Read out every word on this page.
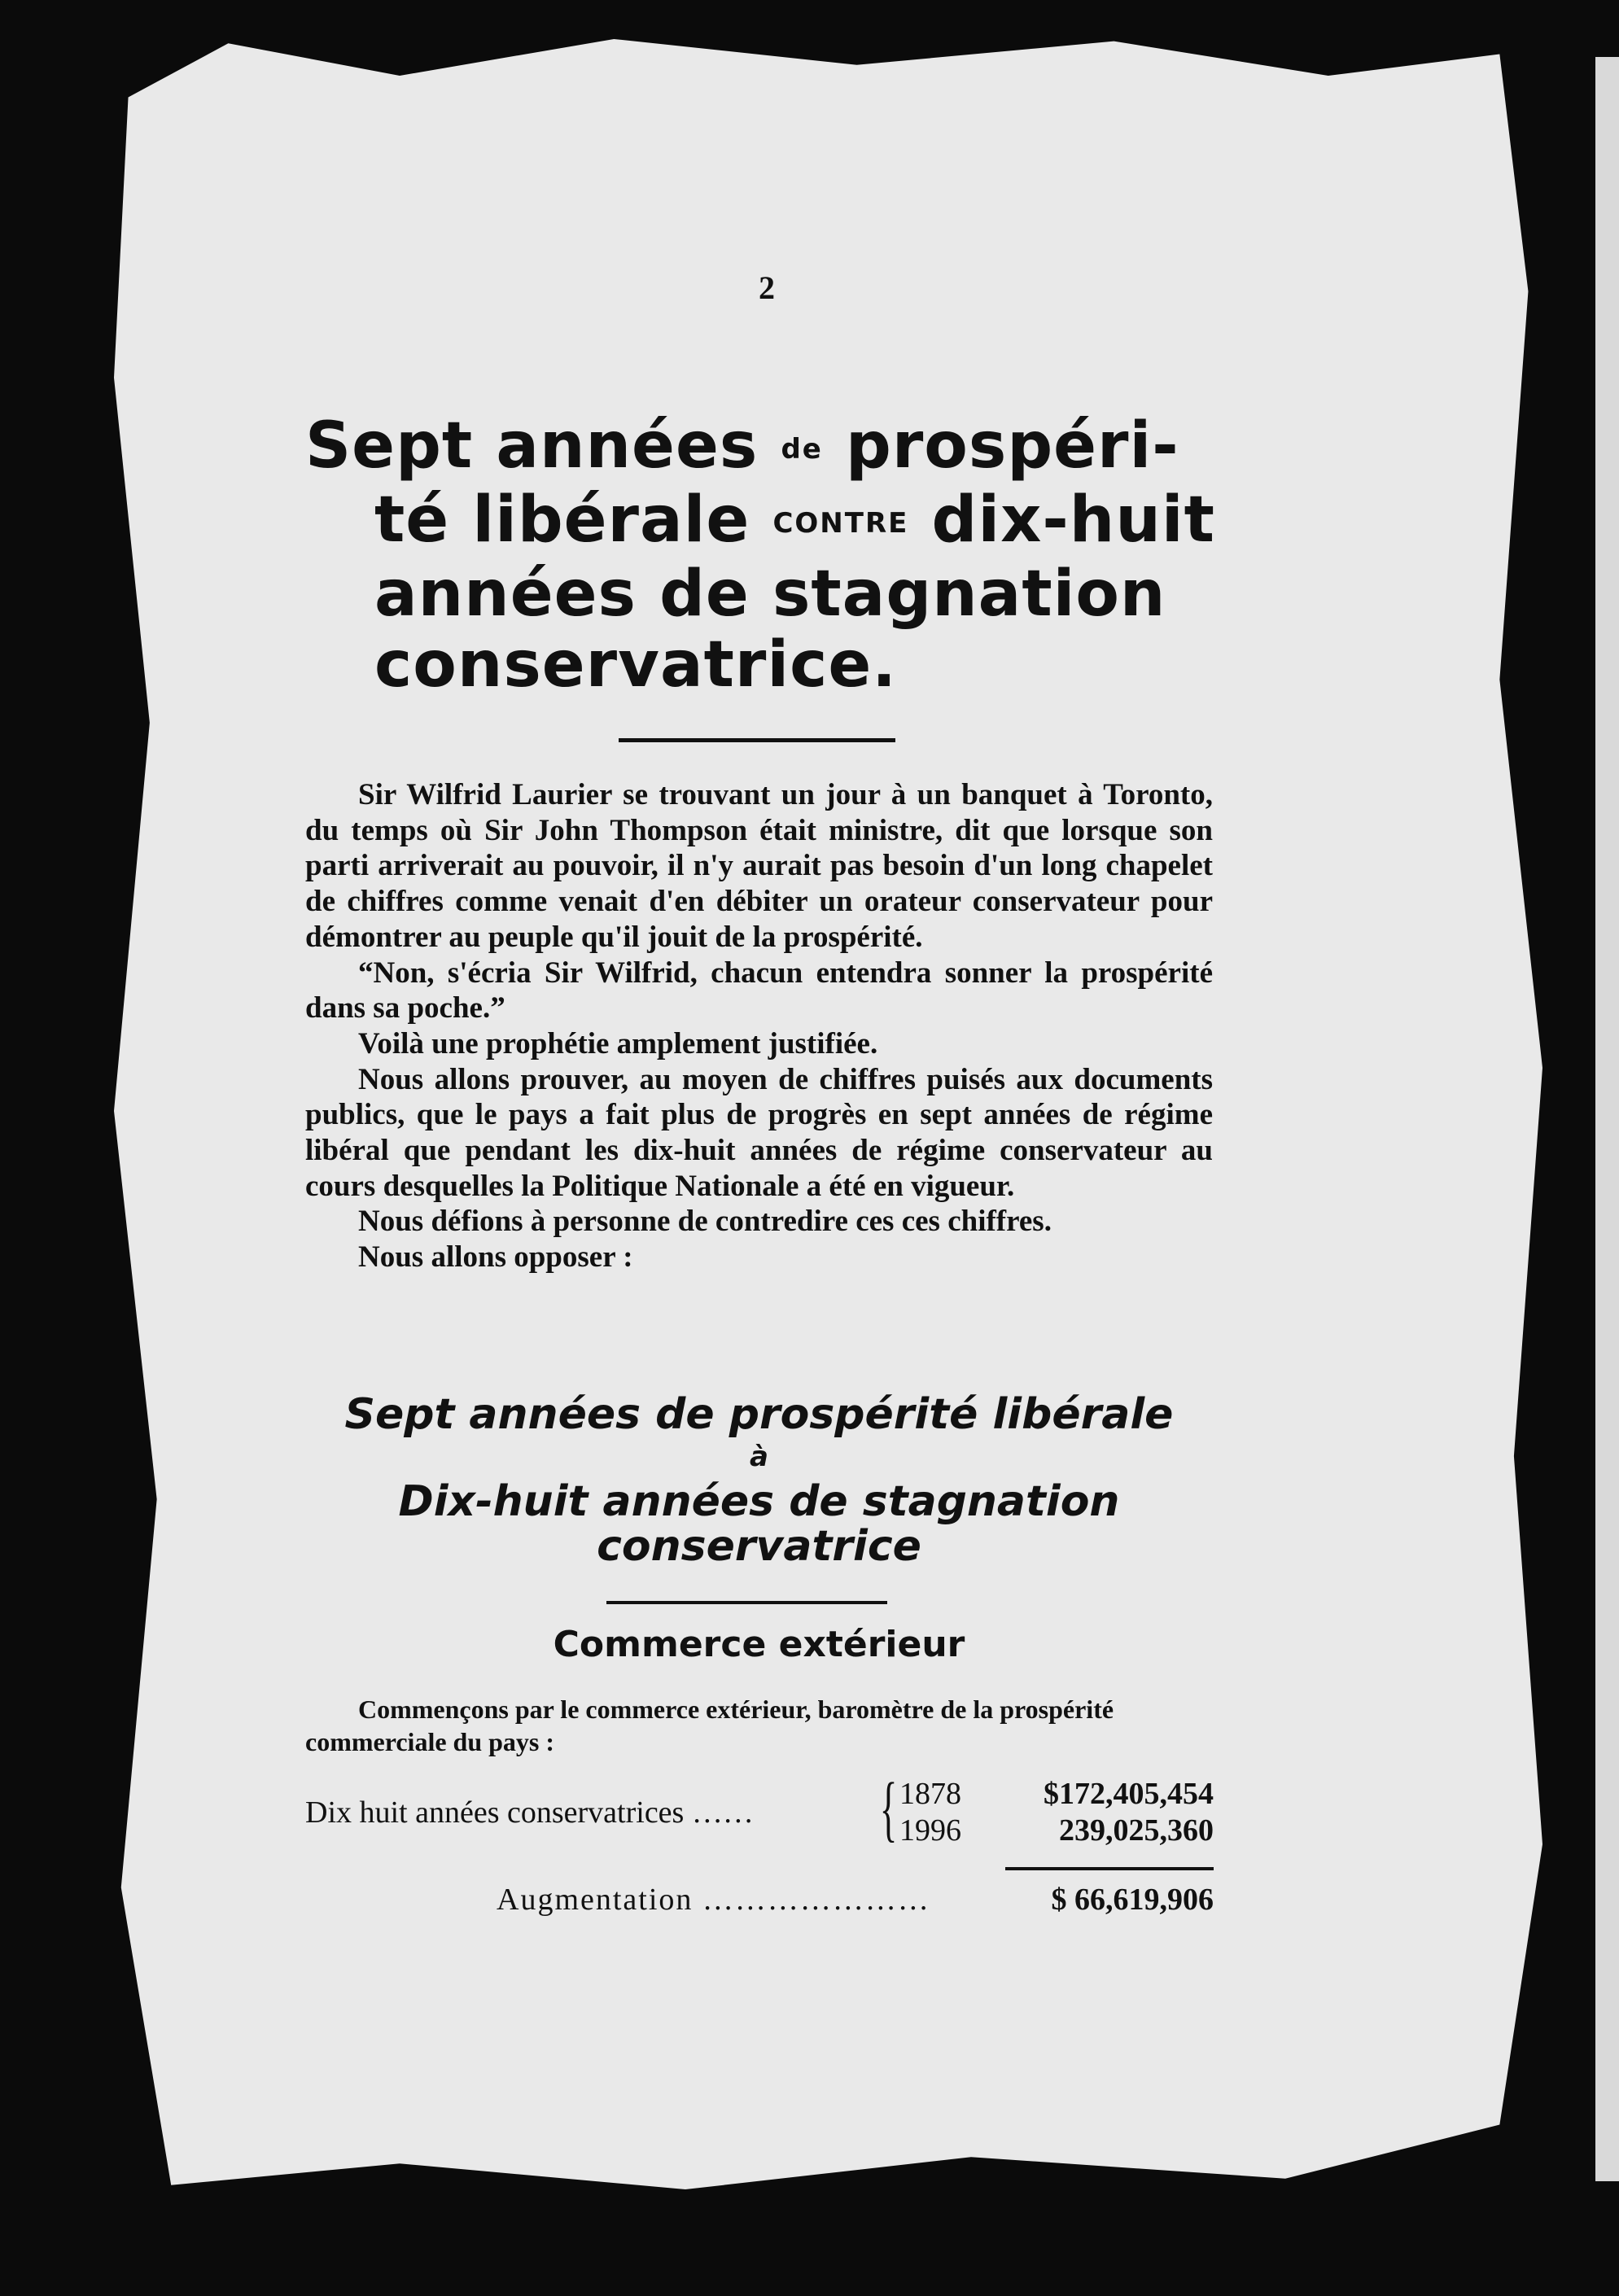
2
Sept années de prospéri-
té libérale CONTRE dix-huit
années de stagnation
conservatrice.

Sir Wilfrid Laurier se trouvant un jour à un banquet à Toronto, du temps où Sir John Thompson était ministre, dit que lorsque son parti arriverait au pouvoir, il n'y aurait pas besoin d'un long chapelet de chiffres comme venait d'en débiter un orateur conservateur pour démontrer au peuple qu'il jouit de la prospérité.

“Non, s'écria Sir Wilfrid, chacun entendra sonner la prospérité dans sa poche.”

Voilà une prophétie amplement justifiée.

Nous allons prouver, au moyen de chiffres puisés aux documents publics, que le pays a fait plus de progrès en sept années de régime libéral que pendant les dix-huit années de régime conservateur au cours desquelles la Politique Nationale a été en vigueur.

Nous défions à personne de contredire ces ces chiffres.

Nous allons opposer :

Sept années de prospérité libérale
à
Dix-huit années de stagnation
conservatrice
Commerce extérieur
Commençons par le commerce extérieur, baromètre de la prospérité commerciale du pays :
Dix huit années conservatrices …… { 1878
1996
$172,405,454
239,025,360
Augmentation …………………	$ 66,619,906
